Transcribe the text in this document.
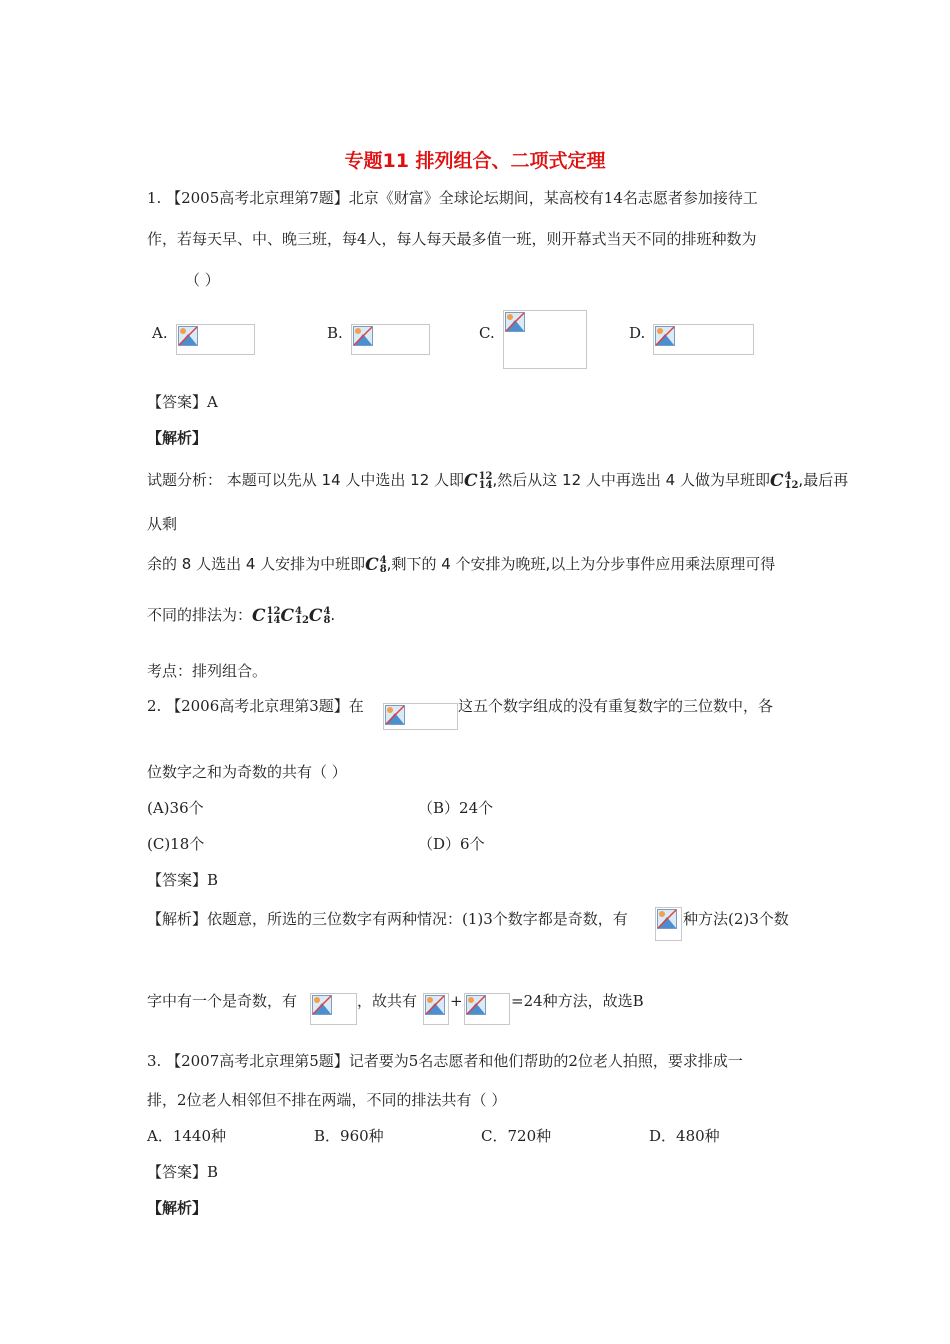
专题11 排列组合、二项式定理
1. 【2005高考北京理第7题】北京《财富》全球论坛期间，某高校有14名志愿者参加接待工
作，若每天早、中、晚三班，每4人，每人每天最多值一班，则开幕式当天不同的排班种数为
（ ）
A.	B.	C.	D.
【答案】A
【解析】
试题分析： 本题可以先从 14 人中选出 12 人即 C 12
14 ,然后从这 12 人中再选出 4 人做为早班即 C 4
12 ,最后再
从剩
余的 8 人选出 4 人安排为中班即 C 4
8 ,剩下的 4 个安排为晚班,以上为分步事件应用乘法原理可得
不同的排法为： C 12
14 C 4
12 C 4
8 .
考点：排列组合。
2. 【2006高考北京理第3题】在	这五个数字组成的没有重复数字的三位数中，各
位数字之和为奇数的共有（ ）
(A)36个	（B）24个
(C)18个	（D）6个
【答案】B
【解析】依题意，所选的三位数字有两种情况：(1)3个数字都是奇数，有	种方法(2)3个数
字中有一个是奇数，有	，故共有 +	=24种方法，故选B
3. 【2007高考北京理第5题】记者要为5名志愿者和他们帮助的2位老人拍照，要求排成一
排，2位老人相邻但不排在两端，不同的排法共有（ ）
A．1440种	B．960种	C．720种	D．480种
【答案】B
【解析】
